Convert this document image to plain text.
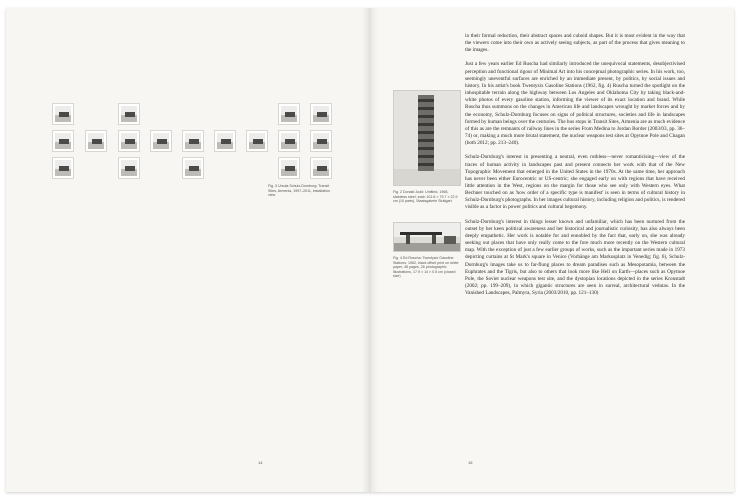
Fig. 3 Ursula Schulz-Dornburg: Transit Sites, Armenia, 1997–2011, installation view
Fig. 2 Donald Judd: Untitled, 1968, stainless steel, each 101.6 × 79.7 × 22.9 cm (10 parts), Staatsgalerie Stuttgart
Fig. 4 Ed Ruscha: Twentysix Gasoline Stations, 1962, black offset print on white paper, 48 pages, 26 photographic illustrations, 17.9 × 14 × 0.5 cm (closed size)

in their formal reduction, their abstract spaces and cuboid shapes. But it is most evident in the way that the viewers come into their own as actively seeing subjects, as part of the process that gives meaning to the images.

Just a few years earlier Ed Ruscha had similarly introduced the unequivocal statements, desubjectivised perception and functional rigour of Minimal Art into his conceptual photographic series. In his work, too, seemingly uneventful surfaces are enriched by an immediate present, by politics, by social issues and history. In his artist's book Twentysix Gasoline Stations (1962, fig. 4) Ruscha turned the spotlight on the inhospitable terrain along the highway between Los Angeles and Oklahoma City by taking black-and-white photos of every gasoline station, informing the viewer of its exact location and brand. While Ruscha thus summons on the changes in American life and landscapes wrought by market forces and by the economy, Schulz-Dornburg focuses on signs of political structures, societies and life in landscapes formed by human beings over the centuries. The bus stops in Transit Sites, Armenia are as much evidence of this as are the remnants of railway lines in the series From Medina to Jordan Border (2003/03, pp. 36–74) or, making a much more brutal statement, the nuclear weapons test sites at Opytnoe Pole and Chagan (both 2012; pp. 213–240).

Schulz-Dornburg's interest in presenting a neutral, even ruthless—never romanticising—view of the traces of human activity in landscapes past and present connects her work with that of the New Topographic Movement that emerged in the United States in the 1970s. At the same time, her approach has never been either Eurocentric or US-centric; she engaged early on with regions that have received little attention in the West, regions on the margin for those who see only with Western eyes. What Bechner touched on as 'how order of a specific type is manifest' is seen in terms of cultural history in Schulz-Dornburg's photographs. In her images cultural history, including religion and politics, is rendered visible as a factor in power politics and cultural hegemony.

Schulz-Dornburg's interest in things lesser known and unfamiliar, which has been nurtured from the outset by her keen political awareness and her historical and journalistic curiosity, has also always been deeply empathetic. Her work is notable for and ennobled by the fact that, early on, she was already seeking out places that have only really come to the fore much more recently on the Western cultural map. With the exception of just a few earlier groups of works, such as the important series made in 1973 depicting curtains at St Mark's square in Venice (Vorhänge am Markusplatz in Venedig; fig. 6), Schulz-Dornburg's images take us to far-flung places to dream paradises such as Mesopotamia, between the Euphrates and the Tigris, but also to others that look more like Hell on Earth—places such as Opytnoe Pole, the Soviet nuclear weapons test site, and the dystopian locations depicted in the series Kronstadt (2002; pp. 199–209), in which gigantic structures are seen in surreal, architectural vedutas. In the Vanished Landscapes, Palmyra, Syria (2003/2010, pp. 121–130)

14	15
